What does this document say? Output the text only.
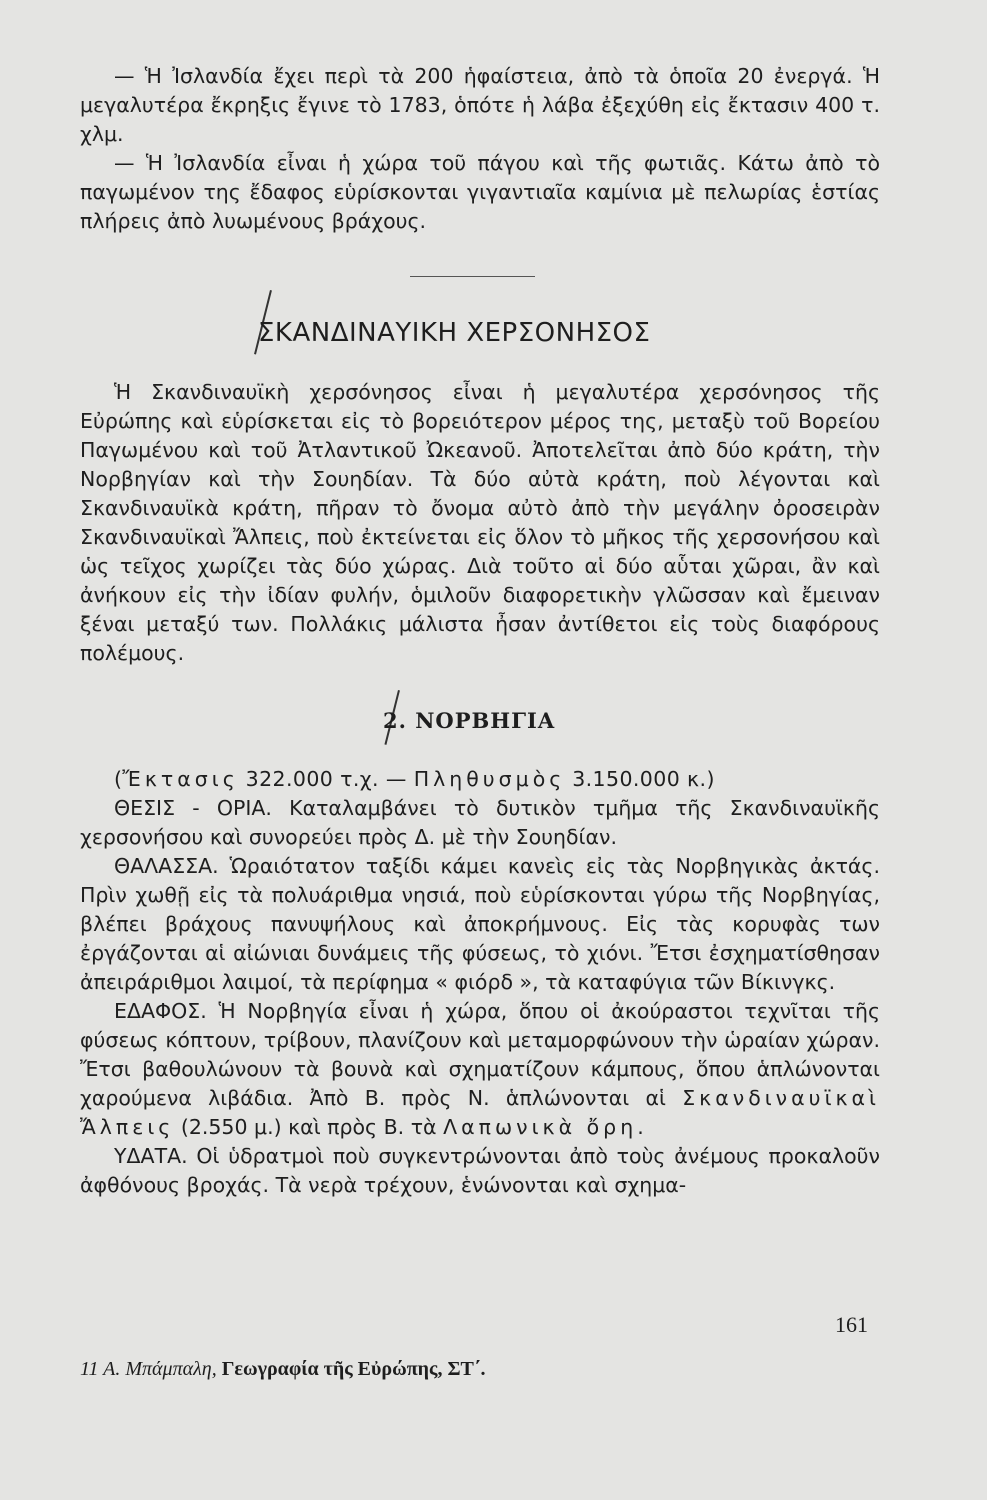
— Ἡ Ἰσλανδία ἔχει περὶ τὰ 200 ἡφαίστεια, ἀπὸ τὰ ὁποῖα 20 ἐνεργά. Ἡ μεγαλυτέρα ἔκρηξις ἔγινε τὸ 1783, ὁπότε ἡ λάβα ἐξεχύθη εἰς ἔκτασιν 400 τ. χλμ.

— Ἡ Ἰσλανδία εἶναι ἡ χώρα τοῦ πάγου καὶ τῆς φωτιᾶς. Κάτω ἀπὸ τὸ παγωμένον της ἔδαφος εὑρίσκονται γιγαντιαῖα καμίνια μὲ πελωρίας ἑστίας πλήρεις ἀπὸ λυωμένους βράχους.

ΣΚΑΝΔΙΝΑΥΙΚΗ ΧΕΡΣΟΝΗΣΟΣ

Ἡ Σκανδιναυϊκὴ χερσόνησος εἶναι ἡ μεγαλυτέρα χερσόνησος τῆς Εὐρώπης καὶ εὑρίσκεται εἰς τὸ βορειότερον μέρος της, μεταξὺ τοῦ Βορείου Παγωμένου καὶ τοῦ Ἀτλαντικοῦ Ὠκεανοῦ. Ἀποτελεῖται ἀπὸ δύο κράτη, τὴν Νορβηγίαν καὶ τὴν Σουηδίαν. Τὰ δύο αὐτὰ κράτη, ποὺ λέγονται καὶ Σκανδιναυϊκὰ κράτη, πῆραν τὸ ὄνομα αὐτὸ ἀπὸ τὴν μεγάλην ὀροσειρὰν Σκανδιναυϊκαὶ Ἄλπεις, ποὺ ἐκτείνεται εἰς ὅλον τὸ μῆκος τῆς χερσονήσου καὶ ὡς τεῖχος χωρίζει τὰς δύο χώρας. Διὰ τοῦτο αἱ δύο αὗται χῶραι, ἂν καὶ ἀνήκουν εἰς τὴν ἰδίαν φυλήν, ὁμιλοῦν διαφορετικὴν γλῶσσαν καὶ ἔμειναν ξέναι μεταξύ των. Πολλάκις μάλιστα ἦσαν ἀντίθετοι εἰς τοὺς διαφόρους πολέμους.

2. ΝΟΡΒΗΓΙΑ

(Ἔκτασις 322.000 τ.χ. — Πληθυσμὸς 3.150.000 κ.)

ΘΕΣΙΣ - ΟΡΙΑ. Καταλαμβάνει τὸ δυτικὸν τμῆμα τῆς Σκανδιναυϊκῆς χερσονήσου καὶ συνορεύει πρὸς Δ. μὲ τὴν Σουηδίαν.

ΘΑΛΑΣΣΑ. Ὡραιότατον ταξίδι κάμει κανεὶς εἰς τὰς Νορβηγικὰς ἀκτάς. Πρὶν χωθῇ εἰς τὰ πολυάριθμα νησιά, ποὺ εὑρίσκονται γύρω τῆς Νορβηγίας, βλέπει βράχους πανυψήλους καὶ ἀποκρήμνους. Εἰς τὰς κορυφὰς των ἐργάζονται αἱ αἰώνιαι δυνάμεις τῆς φύσεως, τὸ χιόνι. Ἔτσι ἐσχηματίσθησαν ἀπειράριθμοι λαιμοί, τὰ περίφημα « φιόρδ », τὰ καταφύγια τῶν Βίκινγκς.

ΕΔΑΦΟΣ. Ἡ Νορβηγία εἶναι ἡ χώρα, ὅπου οἱ ἀκούραστοι τεχνῖται τῆς φύσεως κόπτουν, τρίβουν, πλανίζουν καὶ μεταμορφώνουν τὴν ὡραίαν χώραν. Ἔτσι βαθουλώνουν τὰ βουνὰ καὶ σχηματίζουν κάμπους, ὅπου ἁπλώνονται χαρούμενα λιβάδια. Ἀπὸ Β. πρὸς Ν. ἁπλώνονται αἱ Σκανδιναυϊκαὶ Ἄλπεις (2.550 μ.) καὶ πρὸς Β. τὰ Λαπωνικὰ ὄρη.

ΥΔΑΤΑ. Οἱ ὑδρατμοὶ ποὺ συγκεντρώνονται ἀπὸ τοὺς ἀνέμους προκαλοῦν ἀφθόνους βροχάς. Τὰ νερὰ τρέχουν, ἑνώνονται καὶ σχημα-

161
11 Α. Μπάμπαλη, Γεωγραφία τῆς Εὐρώπης, ΣΤ΄.
